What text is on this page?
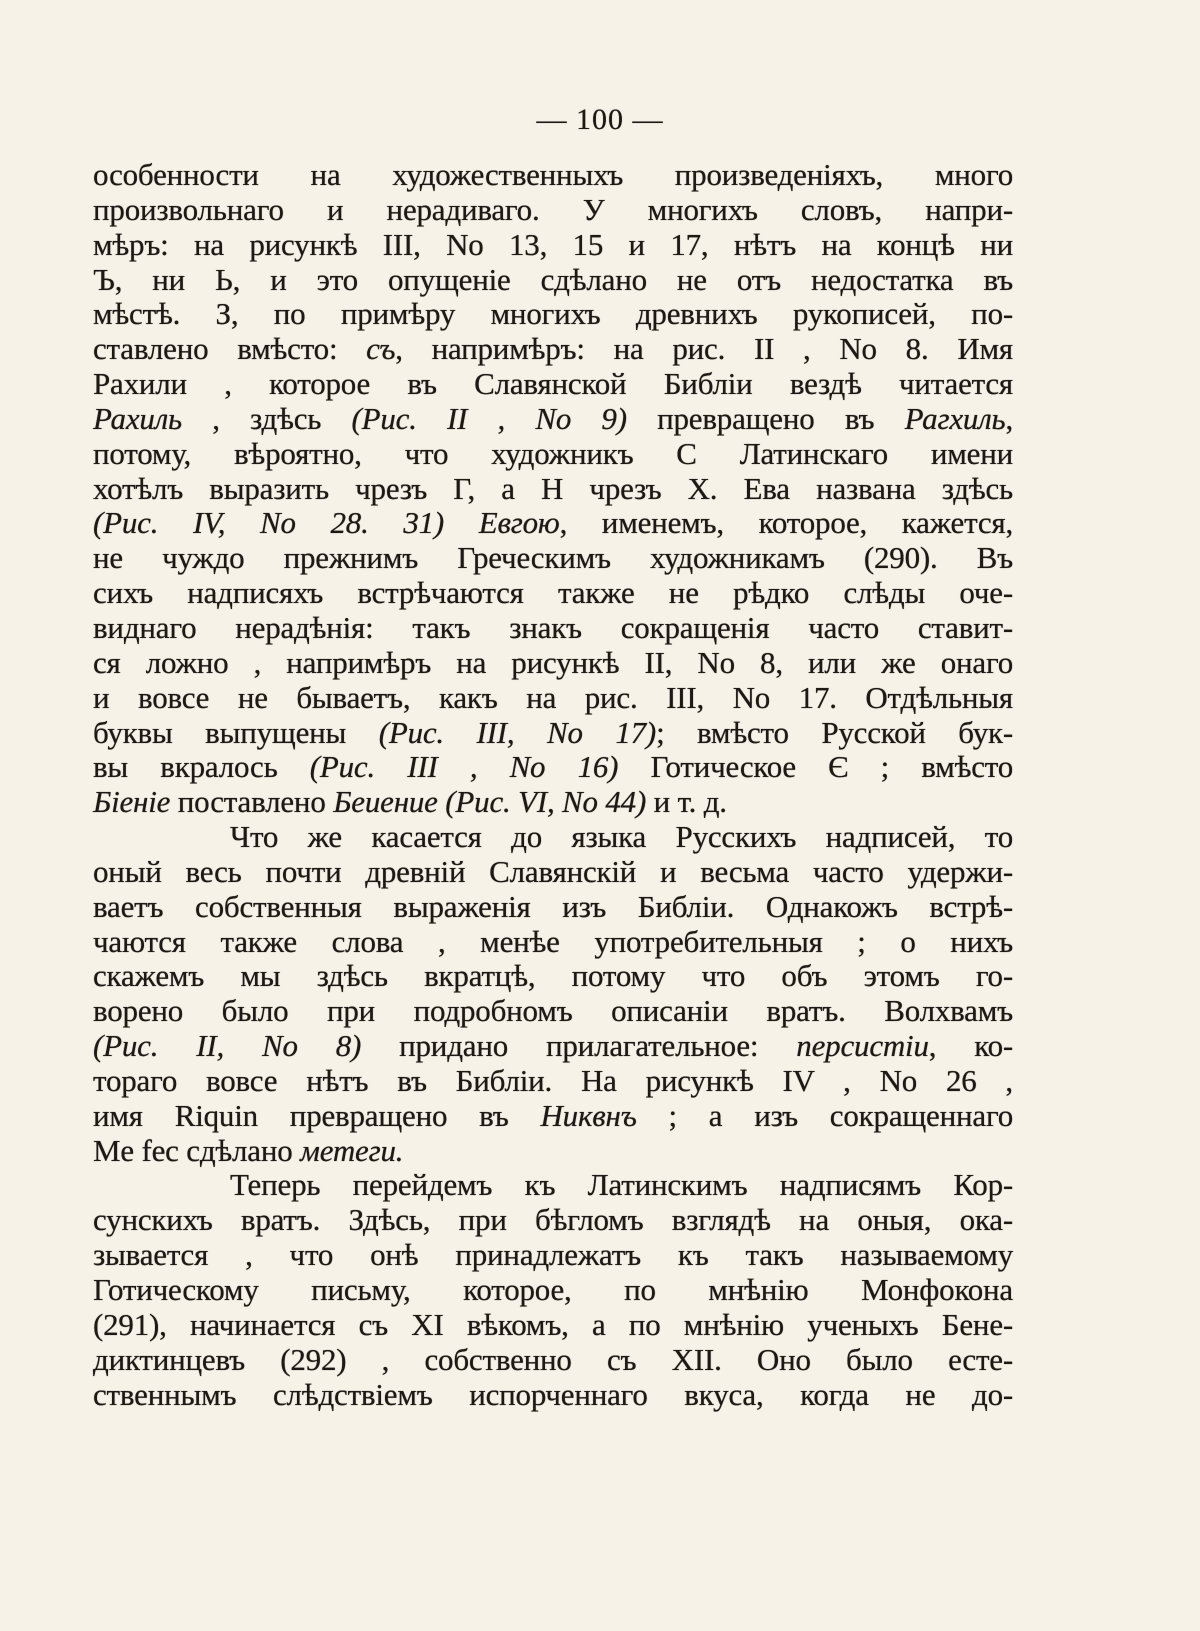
— 100 —
особенности на художественныхъ произведеніяхъ, много
произвольнаго и нерадиваго. У многихъ словъ, напри-
мѣръ: на рисункѣ III, No 13, 15 и 17, нѣтъ на концѣ ни
Ъ, ни Ь, и это опущеніе сдѣлано не отъ недостатка въ
мѣстѣ. З, по примѣру многихъ древнихъ рукописей, по-
ставлено вмѣсто: съ, напримѣръ: на рис. II , No 8. Имя
Рахили , которое въ Славянской Библіи вездѣ читается
Рахиль , здѣсь (Рис. II , No 9) превращено въ Рагхиль,
потому, вѣроятно, что художникъ С Латинскаго имени
хотѣлъ выразить чрезъ Г, а Н чрезъ Х. Ева названа здѣсь
(Рис. IV, No 28. 31) Евгою, именемъ, которое, кажется,
не чуждо прежнимъ Греческимъ художникамъ (290). Въ
сихъ надписяхъ встрѣчаются также не рѣдко слѣды оче-
виднаго нерадѣнія: такъ знакъ сокращенія часто ставит-
ся ложно , напримѣръ на рисункѣ II, No 8, или же онаго
и вовсе не бываетъ, какъ на рис. III, No 17. Отдѣльныя
буквы выпущены (Рис. III, No 17); вмѣсто Русской бук-
вы вкралось (Рис. III , No 16) Готическое Є ; вмѣсто
Біеніе поставлено Беиение (Рис. VI, No 44) и т. д.
Что же касается до языка Русскихъ надписей, то
оный весь почти древній Славянскій и весьма часто удержи-
ваетъ собственныя выраженія изъ Библіи. Однакожъ встрѣ-
чаются также слова , менѣе употребительныя ; о нихъ
скажемъ мы здѣсь вкратцѣ, потому что объ этомъ го-
ворено было при подробномъ описаніи вратъ. Волхвамъ
(Рис. II, No 8) придано прилагательное: персистіи, ко-
тораго вовсе нѣтъ въ Библіи. На рисункѣ IV , No 26 ,
имя Riquin превращено въ Никвнъ ; а изъ сокращеннаго
Me fec сдѣлано метеги.
Теперь перейдемъ къ Латинскимъ надписямъ Кор-
сунскихъ вратъ. Здѣсь, при бѣгломъ взглядѣ на оныя, ока-
зывается , что онѣ принадлежатъ къ такъ называемому
Готическому письму, которое, по мнѣнію Монфокона
(291), начинается съ XI вѣкомъ, а по мнѣнію ученыхъ Бене-
диктинцевъ (292) , собственно съ XII. Оно было есте-
ственнымъ слѣдствіемъ испорченнаго вкуса, когда не до-
